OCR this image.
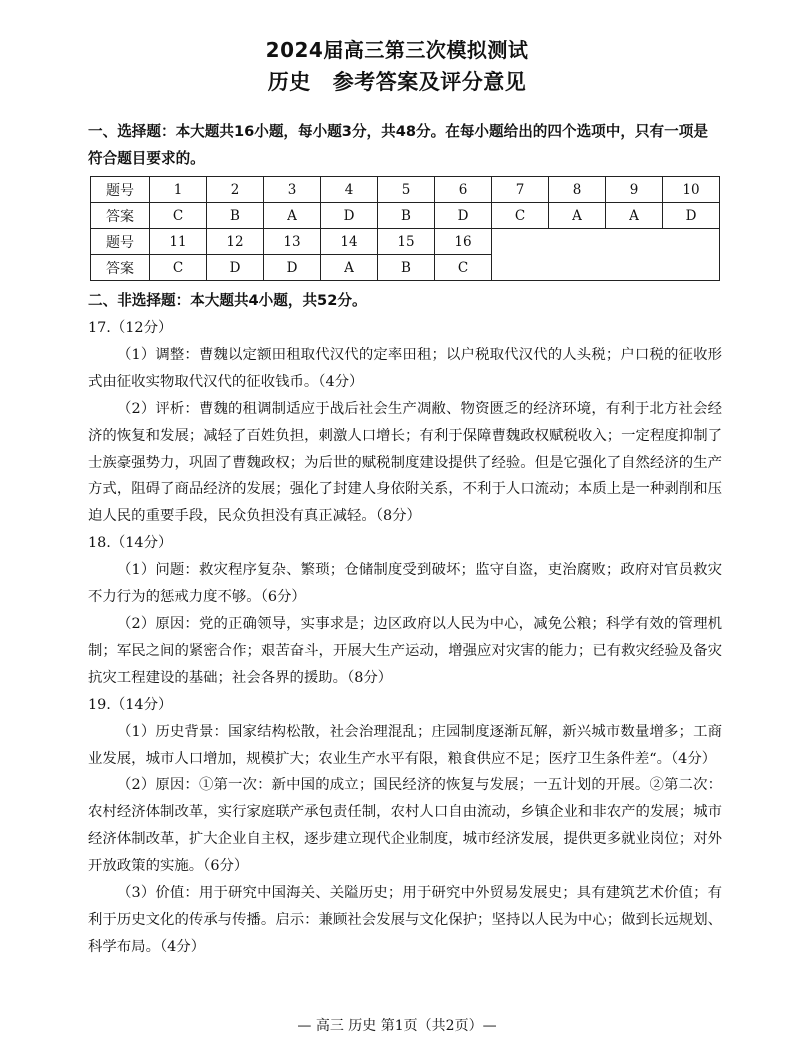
2024届高三第三次模拟测试
历史 参考答案及评分意见
一、选择题：本大题共16小题，每小题3分，共48分。在每小题给出的四个选项中，只有一项是符合题目要求的。
题号	1	2	3	4	5	6	7	8	9	10
答案	C	B	A	D	B	D	C	A	A	D
题号	11	12	13	14	15	16				
答案	C	D	D	A	B	C				
二、非选择题：本大题共4小题，共52分。

17.（12分）

（1）调整：曹魏以定额田租取代汉代的定率田租；以户税取代汉代的人头税；户口税的征收形式由征收实物取代汉代的征收钱币。（4分）

（2）评析：曹魏的租调制适应于战后社会生产凋敝、物资匮乏的经济环境，有利于北方社会经济的恢复和发展；减轻了百姓负担，刺激人口增长；有利于保障曹魏政权赋税收入；一定程度抑制了士族豪强势力，巩固了曹魏政权；为后世的赋税制度建设提供了经验。但是它强化了自然经济的生产方式，阻碍了商品经济的发展；强化了封建人身依附关系，不利于人口流动；本质上是一种剥削和压迫人民的重要手段，民众负担没有真正减轻。（8分）

18.（14分）

（1）问题：救灾程序复杂、繁琐；仓储制度受到破坏；监守自盗，吏治腐败；政府对官员救灾不力行为的惩戒力度不够。（6分）

（2）原因：党的正确领导，实事求是；边区政府以人民为中心，减免公粮；科学有效的管理机制；军民之间的紧密合作；艰苦奋斗，开展大生产运动，增强应对灾害的能力；已有救灾经验及备灾抗灾工程建设的基础；社会各界的援助。（8分）

19.（14分）

（1）历史背景：国家结构松散，社会治理混乱；庄园制度逐渐瓦解，新兴城市数量增多；工商业发展，城市人口增加，规模扩大；农业生产水平有限，粮食供应不足；医疗卫生条件差“。（4分）

（2）原因：①第一次：新中国的成立；国民经济的恢复与发展；一五计划的开展。②第二次：农村经济体制改革，实行家庭联产承包责任制，农村人口自由流动，乡镇企业和非农产的发展；城市经济体制改革，扩大企业自主权，逐步建立现代企业制度，城市经济发展，提供更多就业岗位；对外开放政策的实施。（6分）

（3）价值：用于研究中国海关、关隘历史；用于研究中外贸易发展史；具有建筑艺术价值；有利于历史文化的传承与传播。启示：兼顾社会发展与文化保护；坚持以人民为中心；做到长远规划、科学布局。（4分）

— 高三 历史 第1页（共2页）—
